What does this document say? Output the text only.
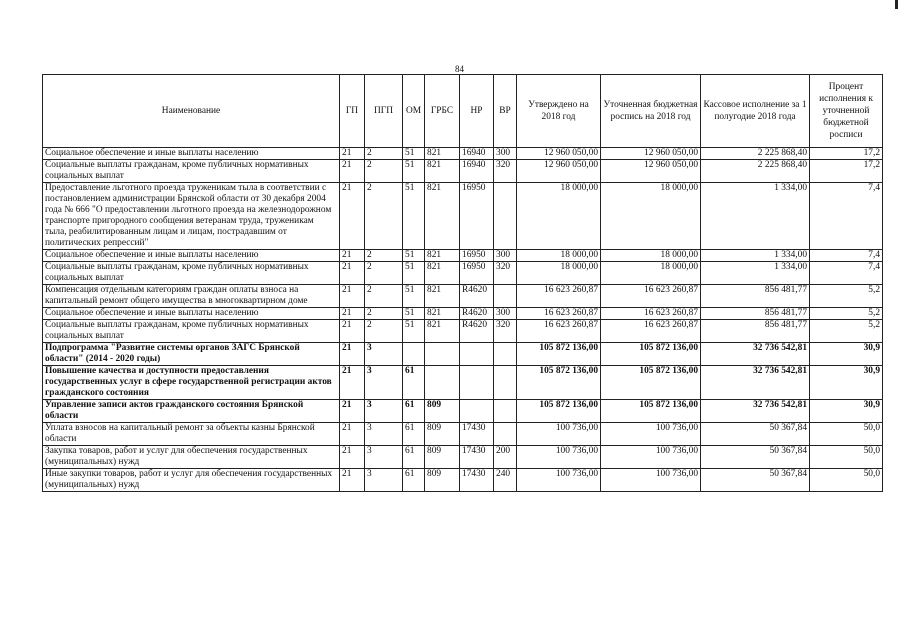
84
Наименование	ГП	ПГП	ОМ	ГРБС	НР	ВР	Утверждено на 2018 год	Уточненная бюджетная роспись на 2018 год	Кассовое исполнение за 1 полугодие 2018 года	Процент исполнения к уточненной бюджетной росписи
Социальное обеспечение и иные выплаты населению	21	2	51	821	16940	300	12 960 050,00	12 960 050,00	2 225 868,40	17,2
Социальные выплаты гражданам, кроме публичных нормативных социальных выплат	21	2	51	821	16940	320	12 960 050,00	12 960 050,00	2 225 868,40	17,2
Предоставление льготного проезда труженикам тыла в соответствии с постановлением администрации Брянской области от 30 декабря 2004 года № 666 "О предоставлении льготного проезда на железнодорожном транспорте пригородного сообщения ветеранам труда, труженикам тыла, реабилитированным лицам и лицам, пострадавшим от политических репрессий"	21	2	51	821	16950		18 000,00	18 000,00	1 334,00	7,4
Социальное обеспечение и иные выплаты населению	21	2	51	821	16950	300	18 000,00	18 000,00	1 334,00	7,4
Социальные выплаты гражданам, кроме публичных нормативных социальных выплат	21	2	51	821	16950	320	18 000,00	18 000,00	1 334,00	7,4
Компенсация отдельным категориям граждан оплаты взноса на капитальный ремонт общего имущества в многоквартирном доме	21	2	51	821	R4620		16 623 260,87	16 623 260,87	856 481,77	5,2
Социальное обеспечение и иные выплаты населению	21	2	51	821	R4620	300	16 623 260,87	16 623 260,87	856 481,77	5,2
Социальные выплаты гражданам, кроме публичных нормативных социальных выплат	21	2	51	821	R4620	320	16 623 260,87	16 623 260,87	856 481,77	5,2
Подпрограмма "Развитие системы органов ЗАГС Брянской области" (2014 - 2020 годы)	21	3					105 872 136,00	105 872 136,00	32 736 542,81	30,9
Повышение качества и доступности предоставления государственных услуг в сфере государственной регистрации актов гражданского состояния	21	3	61				105 872 136,00	105 872 136,00	32 736 542,81	30,9
Управление записи актов гражданского состояния Брянской области	21	3	61	809			105 872 136,00	105 872 136,00	32 736 542,81	30,9
Уплата взносов на капитальный ремонт за объекты казны Брянской области	21	3	61	809	17430		100 736,00	100 736,00	50 367,84	50,0
Закупка товаров, работ и услуг для обеспечения государственных (муниципальных) нужд	21	3	61	809	17430	200	100 736,00	100 736,00	50 367,84	50,0
Иные закупки товаров, работ и услуг для обеспечения государственных (муниципальных) нужд	21	3	61	809	17430	240	100 736,00	100 736,00	50 367,84	50,0
